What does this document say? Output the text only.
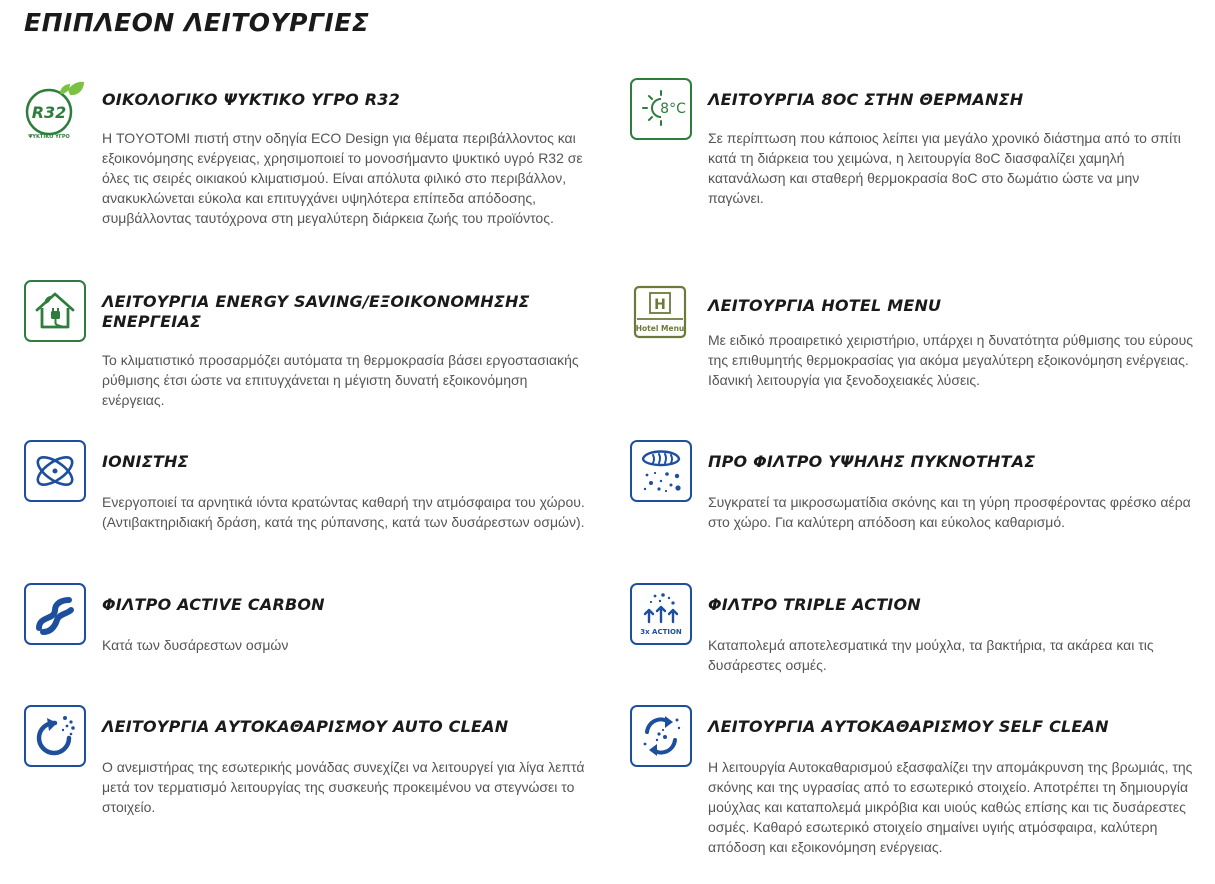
ΕΠΙΠΛΕΟΝ ΛΕΙΤΟΥΡΓΙΕΣ
R32
ΨΥΚΤΙΚΟ ΥΓΡΟ
ΟΙΚΟΛΟΓΙΚΟ ΨΥΚΤΙΚΟ ΥΓΡΟ R32

Η TOYOTOMI πιστή στην οδηγία ECO Design για θέματα περιβάλλοντος και εξοικονόμησης ενέργειας, χρησιμοποιεί το μονοσήμαντο ψυκτικό υγρό R32 σε όλες τις σειρές οικιακού κλιματισμού. Είναι απόλυτα φιλικό στο περιβάλλον, ανακυκλώνεται εύκολα και επιτυγχάνει υψηλότερα επίπεδα απόδοσης, συμβάλλοντας ταυτόχρονα στη μεγαλύτερη διάρκεια ζωής του προϊόντος.

8°C ΛΕΙΤΟΥΡΓΙΑ 8OC ΣΤΗΝ ΘΕΡΜΑΝΣΗ

Σε περίπτωση που κάποιος λείπει για μεγάλο χρονικό διάστημα από το σπίτι κατά τη διάρκεια του χειμώνα, η λειτουργία 8oC διασφαλίζει χαμηλή κατανάλωση και σταθερή θερμοκρασία 8oC στο δωμάτιο ώστε να μην παγώνει.

ΛΕΙΤΟΥΡΓΙΑ ENERGY SAVING/ΕΞΟΙΚΟΝΟΜΗΣΗΣ ΕΝΕΡΓΕΙΑΣ

Το κλιματιστικό προσαρμόζει αυτόματα τη θερμοκρασία βάσει εργοστασιακής ρύθμισης έτσι ώστε να επιτυγχάνεται η μέγιστη δυνατή εξοικονόμηση ενέργειας.

H
Hotel Menu
ΛΕΙΤΟΥΡΓΙΑ HOTEL MENU

Με ειδικό προαιρετικό χειριστήριο, υπάρχει η δυνατότητα ρύθμισης του εύρους της επιθυμητής θερμοκρασίας για ακόμα μεγαλύτερη εξοικονόμηση ενέργειας. Ιδανική λειτουργία για ξενοδοχειακές λύσεις.

ΙΟΝΙΣΤΗΣ

Ενεργοποιεί τα αρνητικά ιόντα κρατώντας καθαρή την ατμόσφαιρα του χώρου. (Αντιβακτηριδιακή δράση, κατά της ρύπανσης, κατά των δυσάρεστων οσμών).

ΠΡΟ ΦΙΛΤΡΟ ΥΨΗΛΗΣ ΠΥΚΝΟΤΗΤΑΣ

Συγκρατεί τα μικροσωματίδια σκόνης και τη γύρη προσφέροντας φρέσκο αέρα στο χώρο. Για καλύτερη απόδοση και εύκολος καθαρισμό.

ΦΙΛΤΡΟ ACTIVE CARBON

Κατά των δυσάρεστων οσμών

3x ACTION
ΦΙΛΤΡΟ TRIPLE ACTION

Καταπολεμά αποτελεσματικά την μούχλα, τα βακτήρια, τα ακάρεα και τις δυσάρεστες οσμές.

ΛΕΙΤΟΥΡΓΙΑ ΑΥΤΟΚΑΘΑΡΙΣΜΟΥ AUTO CLEAN

Ο ανεμιστήρας της εσωτερικής μονάδας συνεχίζει να λειτουργεί για λίγα λεπτά μετά τον τερματισμό λειτουργίας της συσκευής προκειμένου να στεγνώσει το στοιχείο.

ΛΕΙΤΟΥΡΓΙΑ ΑΥΤΟΚΑΘΑΡΙΣΜΟΥ SELF CLEAN

Η λειτουργία Αυτοκαθαρισμού εξασφαλίζει την απομάκρυνση της βρωμιάς, της σκόνης και της υγρασίας από το εσωτερικό στοιχείο. Αποτρέπει τη δημιουργία μούχλας και καταπολεμά μικρόβια και υιούς καθώς επίσης και τις δυσάρεστες οσμές. Καθαρό εσωτερικό στοιχείο σημαίνει υγιής ατμόσφαιρα, καλύτερη απόδοση και εξοικονόμηση ενέργειας.
